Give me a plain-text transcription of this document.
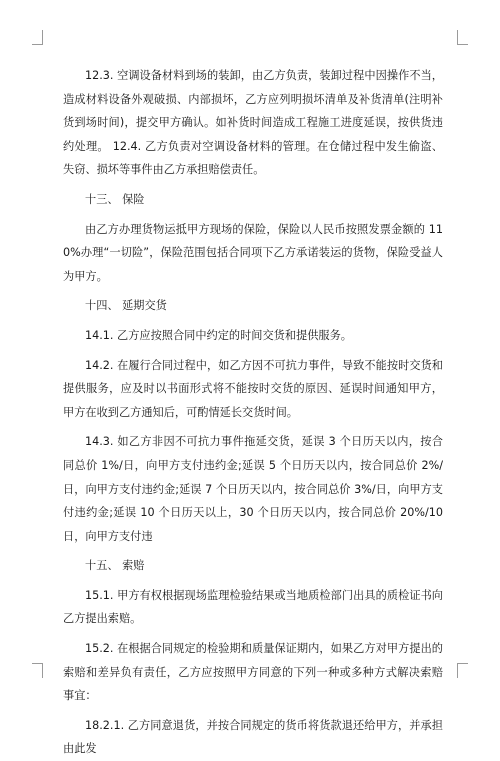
12.3. 空调设备材料到场的装卸，由乙方负责，装卸过程中因操作不当，造成材料设备外观破损、内部损坏，乙方应列明损坏清单及补货清单(注明补货到场时间)，提交甲方确认。如补货时间造成工程施工进度延误，按供货违约处理。 12.4. 乙方负责对空调设备材料的管理。在仓储过程中发生偷盗、失窃、损坏等事件由乙方承担赔偿责任。

十三、 保险

由乙方办理货物运抵甲方现场的保险，保险以人民币按照发票金额的 110%办理“一切险”，保险范围包括合同项下乙方承诺装运的货物，保险受益人为甲方。

十四、 延期交货

14.1. 乙方应按照合同中约定的时间交货和提供服务。

14.2. 在履行合同过程中，如乙方因不可抗力事件，导致不能按时交货和提供服务，应及时以书面形式将不能按时交货的原因、延误时间通知甲方，甲方在收到乙方通知后，可酌情延长交货时间。

14.3. 如乙方非因不可抗力事件拖延交货，延误 3 个日历天以内，按合同总价 1%/日，向甲方支付违约金;延误 5 个日历天以内，按合同总价 2%/日，向甲方支付违约金;延误 7 个日历天以内，按合同总价 3%/日，向甲方支付违约金;延误 10 个日历天以上，30 个日历天以内，按合同总价 20%/10 日，向甲方支付违

十五、 索赔

15.1. 甲方有权根据现场监理检验结果或当地质检部门出具的质检证书向乙方提出索赔。

15.2. 在根据合同规定的检验期和质量保证期内，如果乙方对甲方提出的索赔和差异负有责任，乙方应按照甲方同意的下列一种或多种方式解决索赔事宜：

18.2.1. 乙方同意退货，并按合同规定的货币将货款退还给甲方，并承担由此发
